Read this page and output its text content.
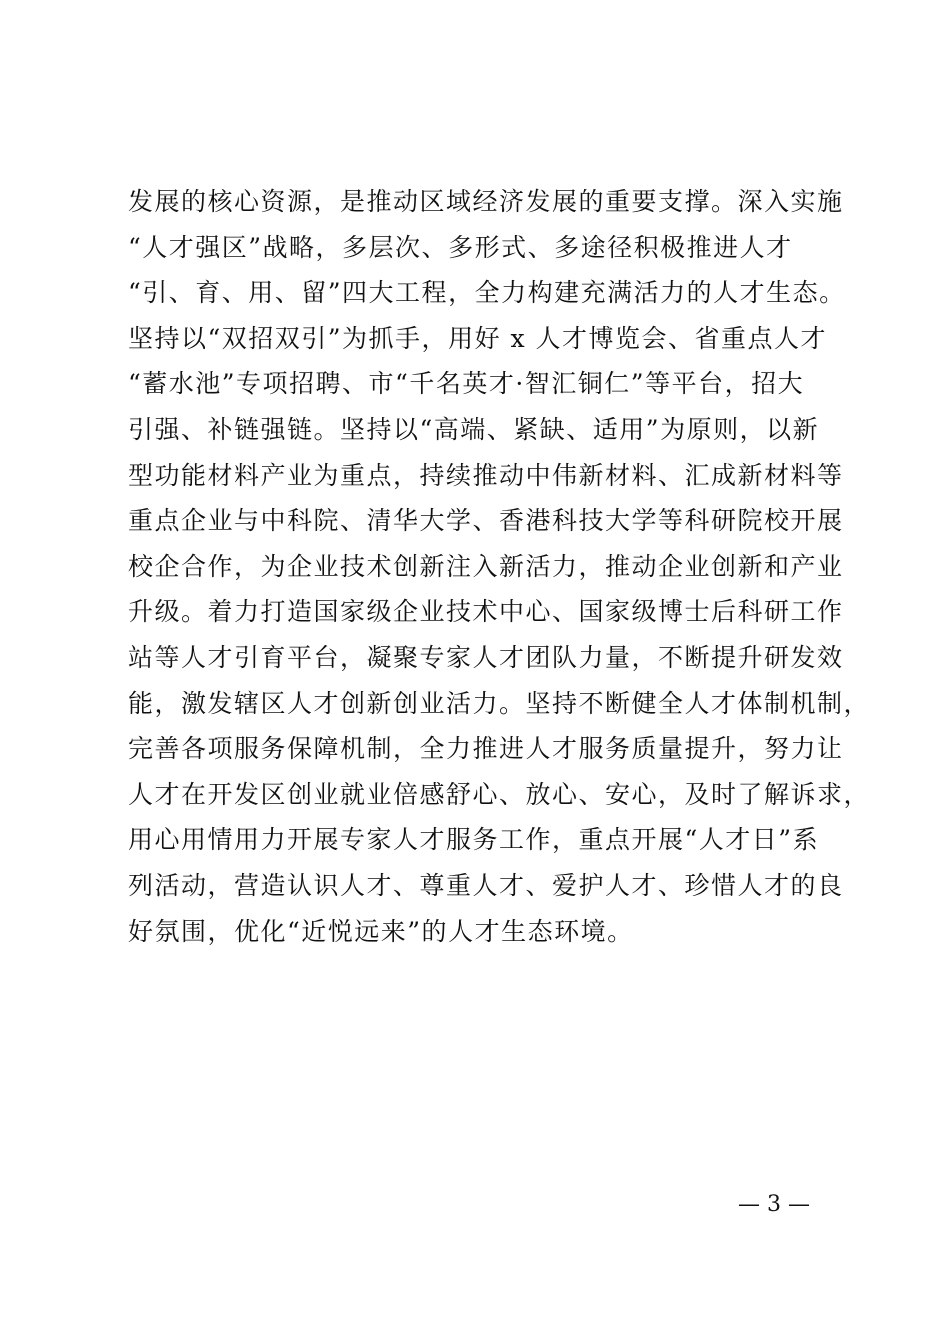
发展的核心资源，是推动区域经济发展的重要支撑。深入实施
“人才强区”战略，多层次、多形式、多途径积极推进人才
“引、育、用、留”四大工程，全力构建充满活力的人才生态。
坚持以“双招双引”为抓手，用好 x 人才博览会、省重点人才
“蓄水池”专项招聘、市“千名英才·智汇铜仁”等平台，招大
引强、补链强链。坚持以“高端、紧缺、适用”为原则，以新
型功能材料产业为重点，持续推动中伟新材料、汇成新材料等
重点企业与中科院、清华大学、香港科技大学等科研院校开展
校企合作，为企业技术创新注入新活力，推动企业创新和产业
升级。着力打造国家级企业技术中心、国家级博士后科研工作
站等人才引育平台，凝聚专家人才团队力量，不断提升研发效
能，激发辖区人才创新创业活力。坚持不断健全人才体制机制，
完善各项服务保障机制，全力推进人才服务质量提升，努力让
人才在开发区创业就业倍感舒心、放心、安心，及时了解诉求，
用心用情用力开展专家人才服务工作，重点开展“人才日”系
列活动，营造认识人才、尊重人才、爱护人才、珍惜人才的良
好氛围，优化“近悦远来”的人才生态环境。
— 3 —
